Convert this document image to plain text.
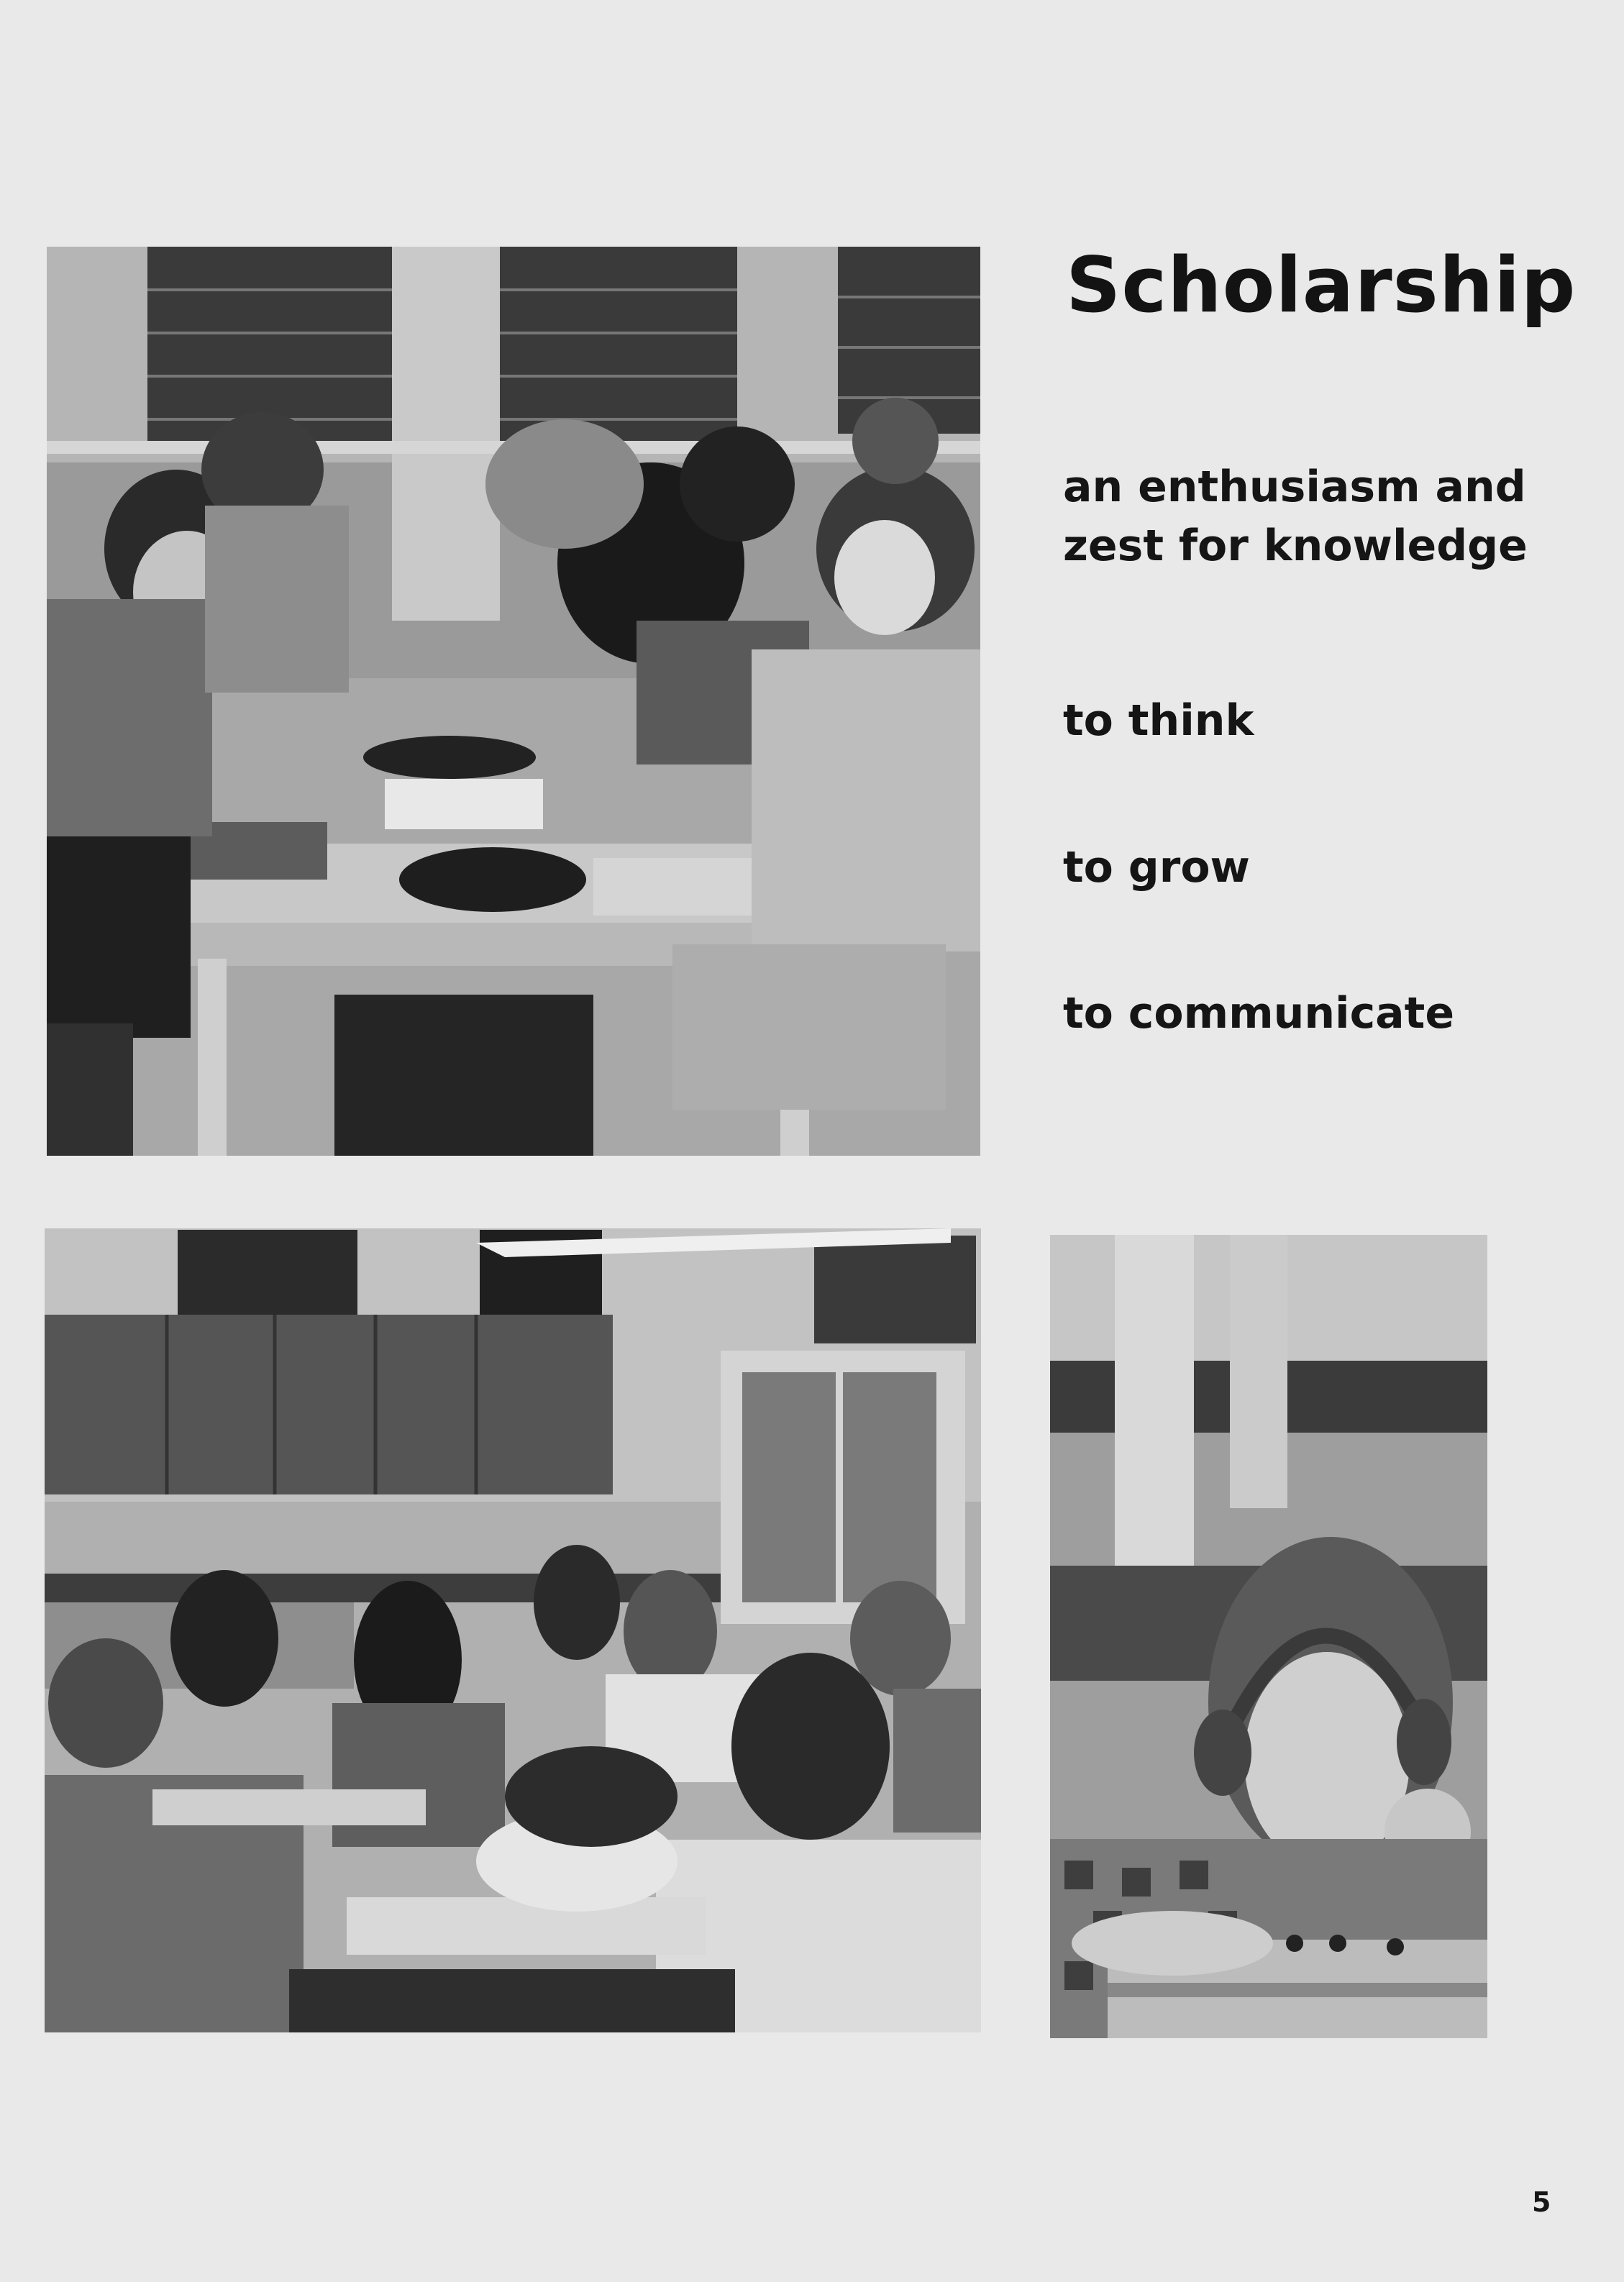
Scholarship

an enthusiasm and
zest for knowledge

to think

to grow

to communicate

5
